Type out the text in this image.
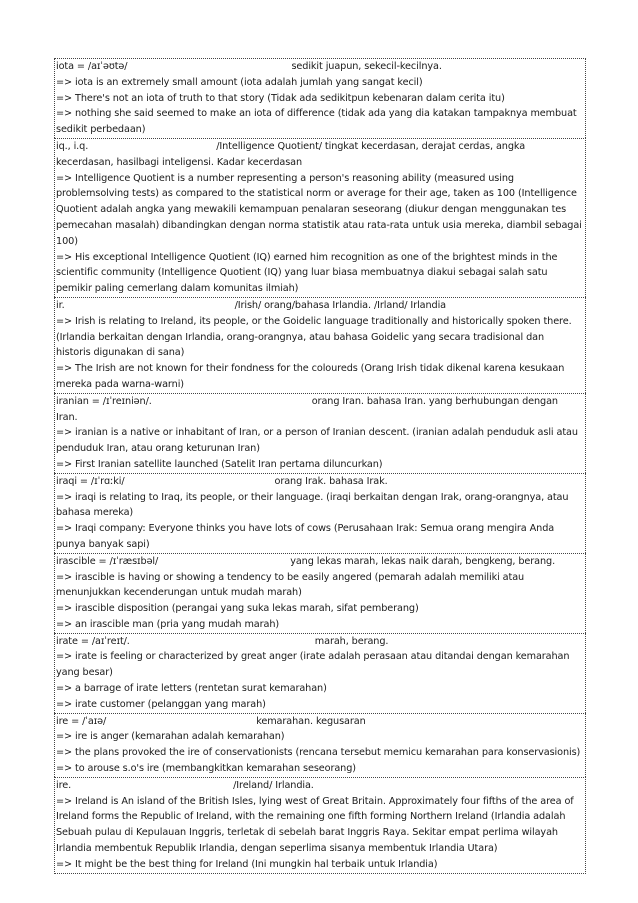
iota = /aɪˈəʊtə/	sedikit juapun, sekecil-kecilnya.
=> iota is an extremely small amount (iota adalah jumlah yang sangat kecil)
=> There's not an iota of truth to that story (Tidak ada sedikitpun kebenaran dalam cerita itu)
=> nothing she said seemed to make an iota of difference (tidak ada yang dia katakan tampaknya membuat
sedikit perbedaan)
iq., i.q.	/Intelligence Quotient/ tingkat kecerdasan, derajat cerdas, angka
kecerdasan, hasilbagi inteligensi. Kadar kecerdasan
=> Intelligence Quotient is a number representing a person's reasoning ability (measured using
problemsolving tests) as compared to the statistical norm or average for their age, taken as 100 (Intelligence
Quotient adalah angka yang mewakili kemampuan penalaran seseorang (diukur dengan menggunakan tes
pemecahan masalah) dibandingkan dengan norma statistik atau rata-rata untuk usia mereka, diambil sebagai
100)
=> His exceptional Intelligence Quotient (IQ) earned him recognition as one of the brightest minds in the
scientific community (Intelligence Quotient (IQ) yang luar biasa membuatnya diakui sebagai salah satu
pemikir paling cemerlang dalam komunitas ilmiah)
ir.	/Irish/ orang/bahasa Irlandia. /Irland/ Irlandia
=> Irish is relating to Ireland, its people, or the Goidelic language traditionally and historically spoken there.
(Irlandia berkaitan dengan Irlandia, orang-orangnya, atau bahasa Goidelic yang secara tradisional dan
historis digunakan di sana)
=> The Irish are not known for their fondness for the coloureds (Orang Irish tidak dikenal karena kesukaan
mereka pada warna-warni)
iranian = /ɪˈreɪniən/.	orang Iran. bahasa Iran. yang berhubungan dengan
Iran.
=> iranian is a native or inhabitant of Iran, or a person of Iranian descent. (iranian adalah penduduk asli atau
penduduk Iran, atau orang keturunan Iran)
=> First Iranian satellite launched (Satelit Iran pertama diluncurkan)
iraqi = /ɪˈrɑːki/	orang Irak. bahasa Irak.
=> iraqi is relating to Iraq, its people, or their language. (iraqi berkaitan dengan Irak, orang-orangnya, atau
bahasa mereka)
=> Iraqi company: Everyone thinks you have lots of cows (Perusahaan Irak: Semua orang mengira Anda
punya banyak sapi)
irascible = /ɪˈræsɪbəl/	yang lekas marah, lekas naik darah, bengkeng, berang.
=> irascible is having or showing a tendency to be easily angered (pemarah adalah memiliki atau
menunjukkan kecenderungan untuk mudah marah)
=> irascible disposition (perangai yang suka lekas marah, sifat pemberang)
=> an irascible man (pria yang mudah marah)
irate = /aɪˈreɪt/.	marah, berang.
=> irate is feeling or characterized by great anger (irate adalah perasaan atau ditandai dengan kemarahan
yang besar)
=> a barrage of irate letters (rentetan surat kemarahan)
=> irate customer (pelanggan yang marah)
ire = /ˈaɪə/	kemarahan. kegusaran
=> ire is anger (kemarahan adalah kemarahan)
=> the plans provoked the ire of conservationists (rencana tersebut memicu kemarahan para konservasionis)
=> to arouse s.o's ire (membangkitkan kemarahan seseorang)
ire.	/Ireland/ Irlandia.
=> Ireland is An island of the British Isles, lying west of Great Britain. Approximately four fifths of the area of
Ireland forms the Republic of Ireland, with the remaining one fifth forming Northern Ireland (Irlandia adalah
Sebuah pulau di Kepulauan Inggris, terletak di sebelah barat Inggris Raya. Sekitar empat perlima wilayah
Irlandia membentuk Republik Irlandia, dengan seperlima sisanya membentuk Irlandia Utara)
=> It might be the best thing for Ireland (Ini mungkin hal terbaik untuk Irlandia)
